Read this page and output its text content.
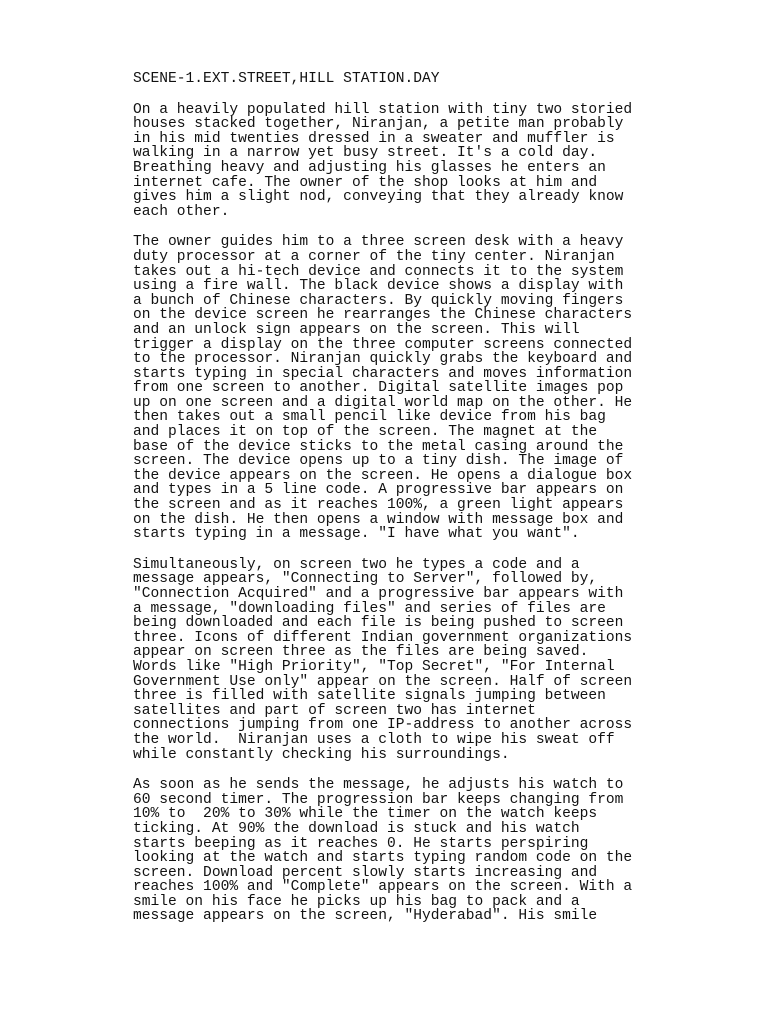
SCENE-1.EXT.STREET,HILL STATION.DAY
On a heavily populated hill station with tiny two storied
houses stacked together, Niranjan, a petite man probably
in his mid twenties dressed in a sweater and muffler is
walking in a narrow yet busy street. It's a cold day.
Breathing heavy and adjusting his glasses he enters an
internet cafe. The owner of the shop looks at him and
gives him a slight nod, conveying that they already know
each other.
The owner guides him to a three screen desk with a heavy
duty processor at a corner of the tiny center. Niranjan
takes out a hi-tech device and connects it to the system
using a fire wall. The black device shows a display with
a bunch of Chinese characters. By quickly moving fingers
on the device screen he rearranges the Chinese characters
and an unlock sign appears on the screen. This will
trigger a display on the three computer screens connected
to the processor. Niranjan quickly grabs the keyboard and
starts typing in special characters and moves information
from one screen to another. Digital satellite images pop
up on one screen and a digital world map on the other. He
then takes out a small pencil like device from his bag
and places it on top of the screen. The magnet at the
base of the device sticks to the metal casing around the
screen. The device opens up to a tiny dish. The image of
the device appears on the screen. He opens a dialogue box
and types in a 5 line code. A progressive bar appears on
the screen and as it reaches 100%, a green light appears
on the dish. He then opens a window with message box and
starts typing in a message. "I have what you want".
Simultaneously, on screen two he types a code and a
message appears, "Connecting to Server", followed by,
"Connection Acquired" and a progressive bar appears with
a message, "downloading files" and series of files are
being downloaded and each file is being pushed to screen
three. Icons of different Indian government organizations
appear on screen three as the files are being saved.
Words like "High Priority", "Top Secret", "For Internal
Government Use only" appear on the screen. Half of screen
three is filled with satellite signals jumping between
satellites and part of screen two has internet
connections jumping from one IP-address to another across
the world.  Niranjan uses a cloth to wipe his sweat off
while constantly checking his surroundings.
As soon as he sends the message, he adjusts his watch to
60 second timer. The progression bar keeps changing from
10% to  20% to 30% while the timer on the watch keeps
ticking. At 90% the download is stuck and his watch
starts beeping as it reaches 0. He starts perspiring
looking at the watch and starts typing random code on the
screen. Download percent slowly starts increasing and
reaches 100% and "Complete" appears on the screen. With a
smile on his face he picks up his bag to pack and a
message appears on the screen, "Hyderabad". His smile
